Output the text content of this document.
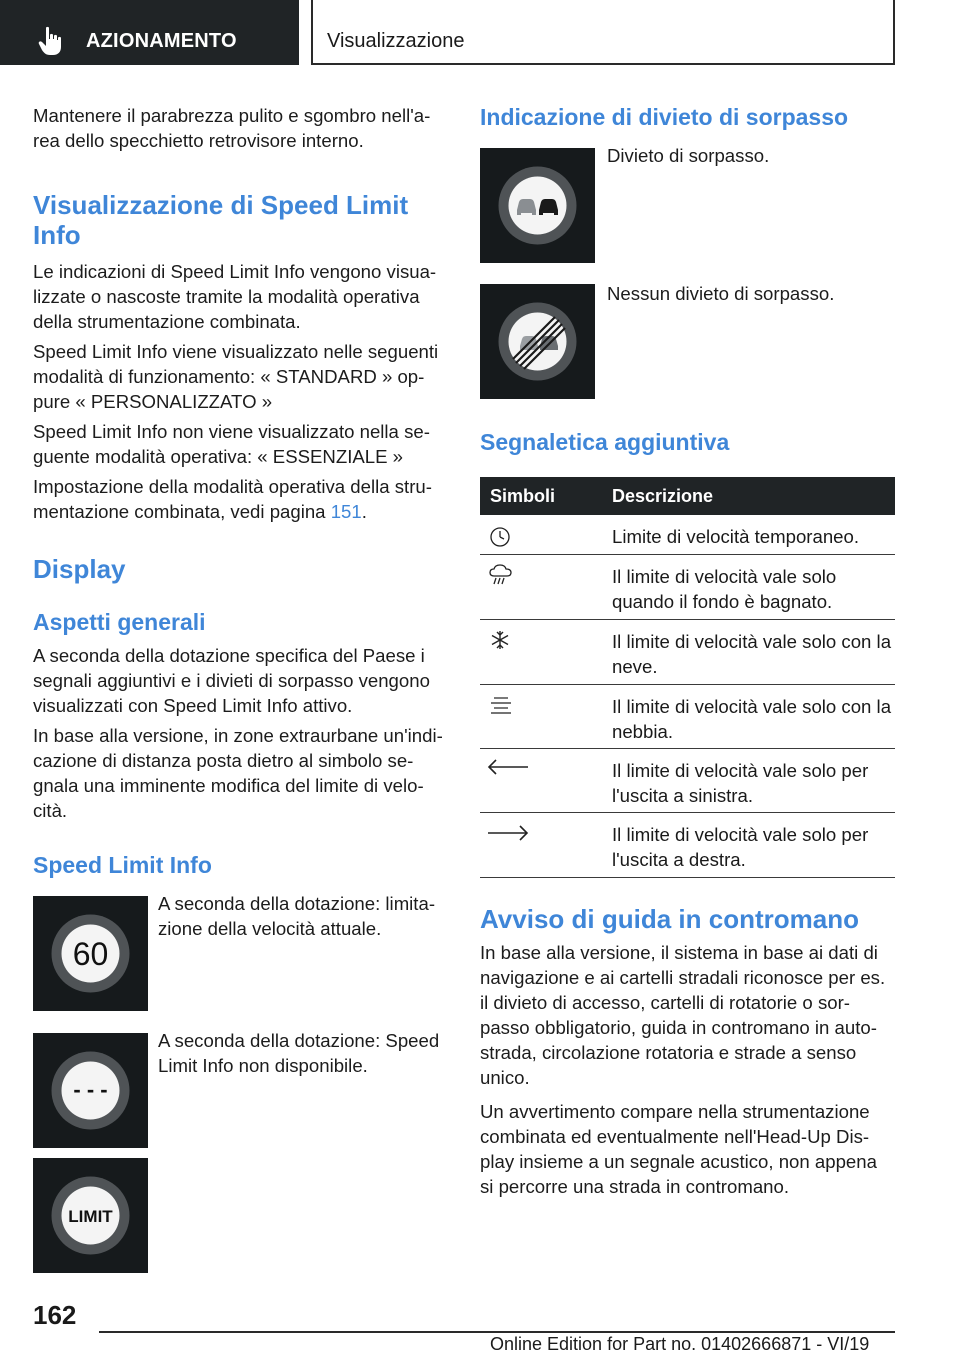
AZIONAMENTO	Visualizzazione
Mantenere il parabrezza pulito e sgombro nell'a-rea dello specchietto retrovisore interno.
Visualizzazione di Speed Limit Info
Le indicazioni di Speed Limit Info vengono visua-lizzate o nascoste tramite la modalità operativa della strumentazione combinata.
Speed Limit Info viene visualizzato nelle seguenti modalità di funzionamento: « STANDARD » op-pure « PERSONALIZZATO »
Speed Limit Info non viene visualizzato nella se-guente modalità operativa: « ESSENZIALE »
Impostazione della modalità operativa della stru-mentazione combinata, vedi pagina 151.
Display
Aspetti generali
A seconda della dotazione specifica del Paese i segnali aggiuntivi e i divieti di sorpasso vengono visualizzati con Speed Limit Info attivo.
In base alla versione, in zone extraurbane un'indi-cazione di distanza posta dietro al simbolo se-gnala una imminente modifica del limite di velo-cità.
Speed Limit Info
60
A seconda della dotazione: limita-zione della velocità attuale.
- - -
A seconda della dotazione: Speed Limit Info non disponibile.
LIMIT
Indicazione di divieto di sorpasso
Divieto di sorpasso.
Nessun divieto di sorpasso.
Segnaletica aggiuntiva
Simboli	Descrizione
Limite di velocità temporaneo.
Il limite di velocità vale solo quando il fondo è bagnato.
Il limite di velocità vale solo con la neve.
Il limite di velocità vale solo con la nebbia.
Il limite di velocità vale solo per l'uscita a sinistra.
Il limite di velocità vale solo per l'uscita a destra.
Avviso di guida in contromano
In base alla versione, il sistema in base ai dati di navigazione e ai cartelli stradali riconosce per es. il divieto di accesso, cartelli di rotatorie o sor-passo obbligatorio, guida in contromano in auto-strada, circolazione rotatoria e strade a senso unico.
Un avvertimento compare nella strumentazione combinata ed eventualmente nell'Head-Up Dis-play insieme a un segnale acustico, non appena si percorre una strada in contromano.
162
Online Edition for Part no. 01402666871 - VI/19
